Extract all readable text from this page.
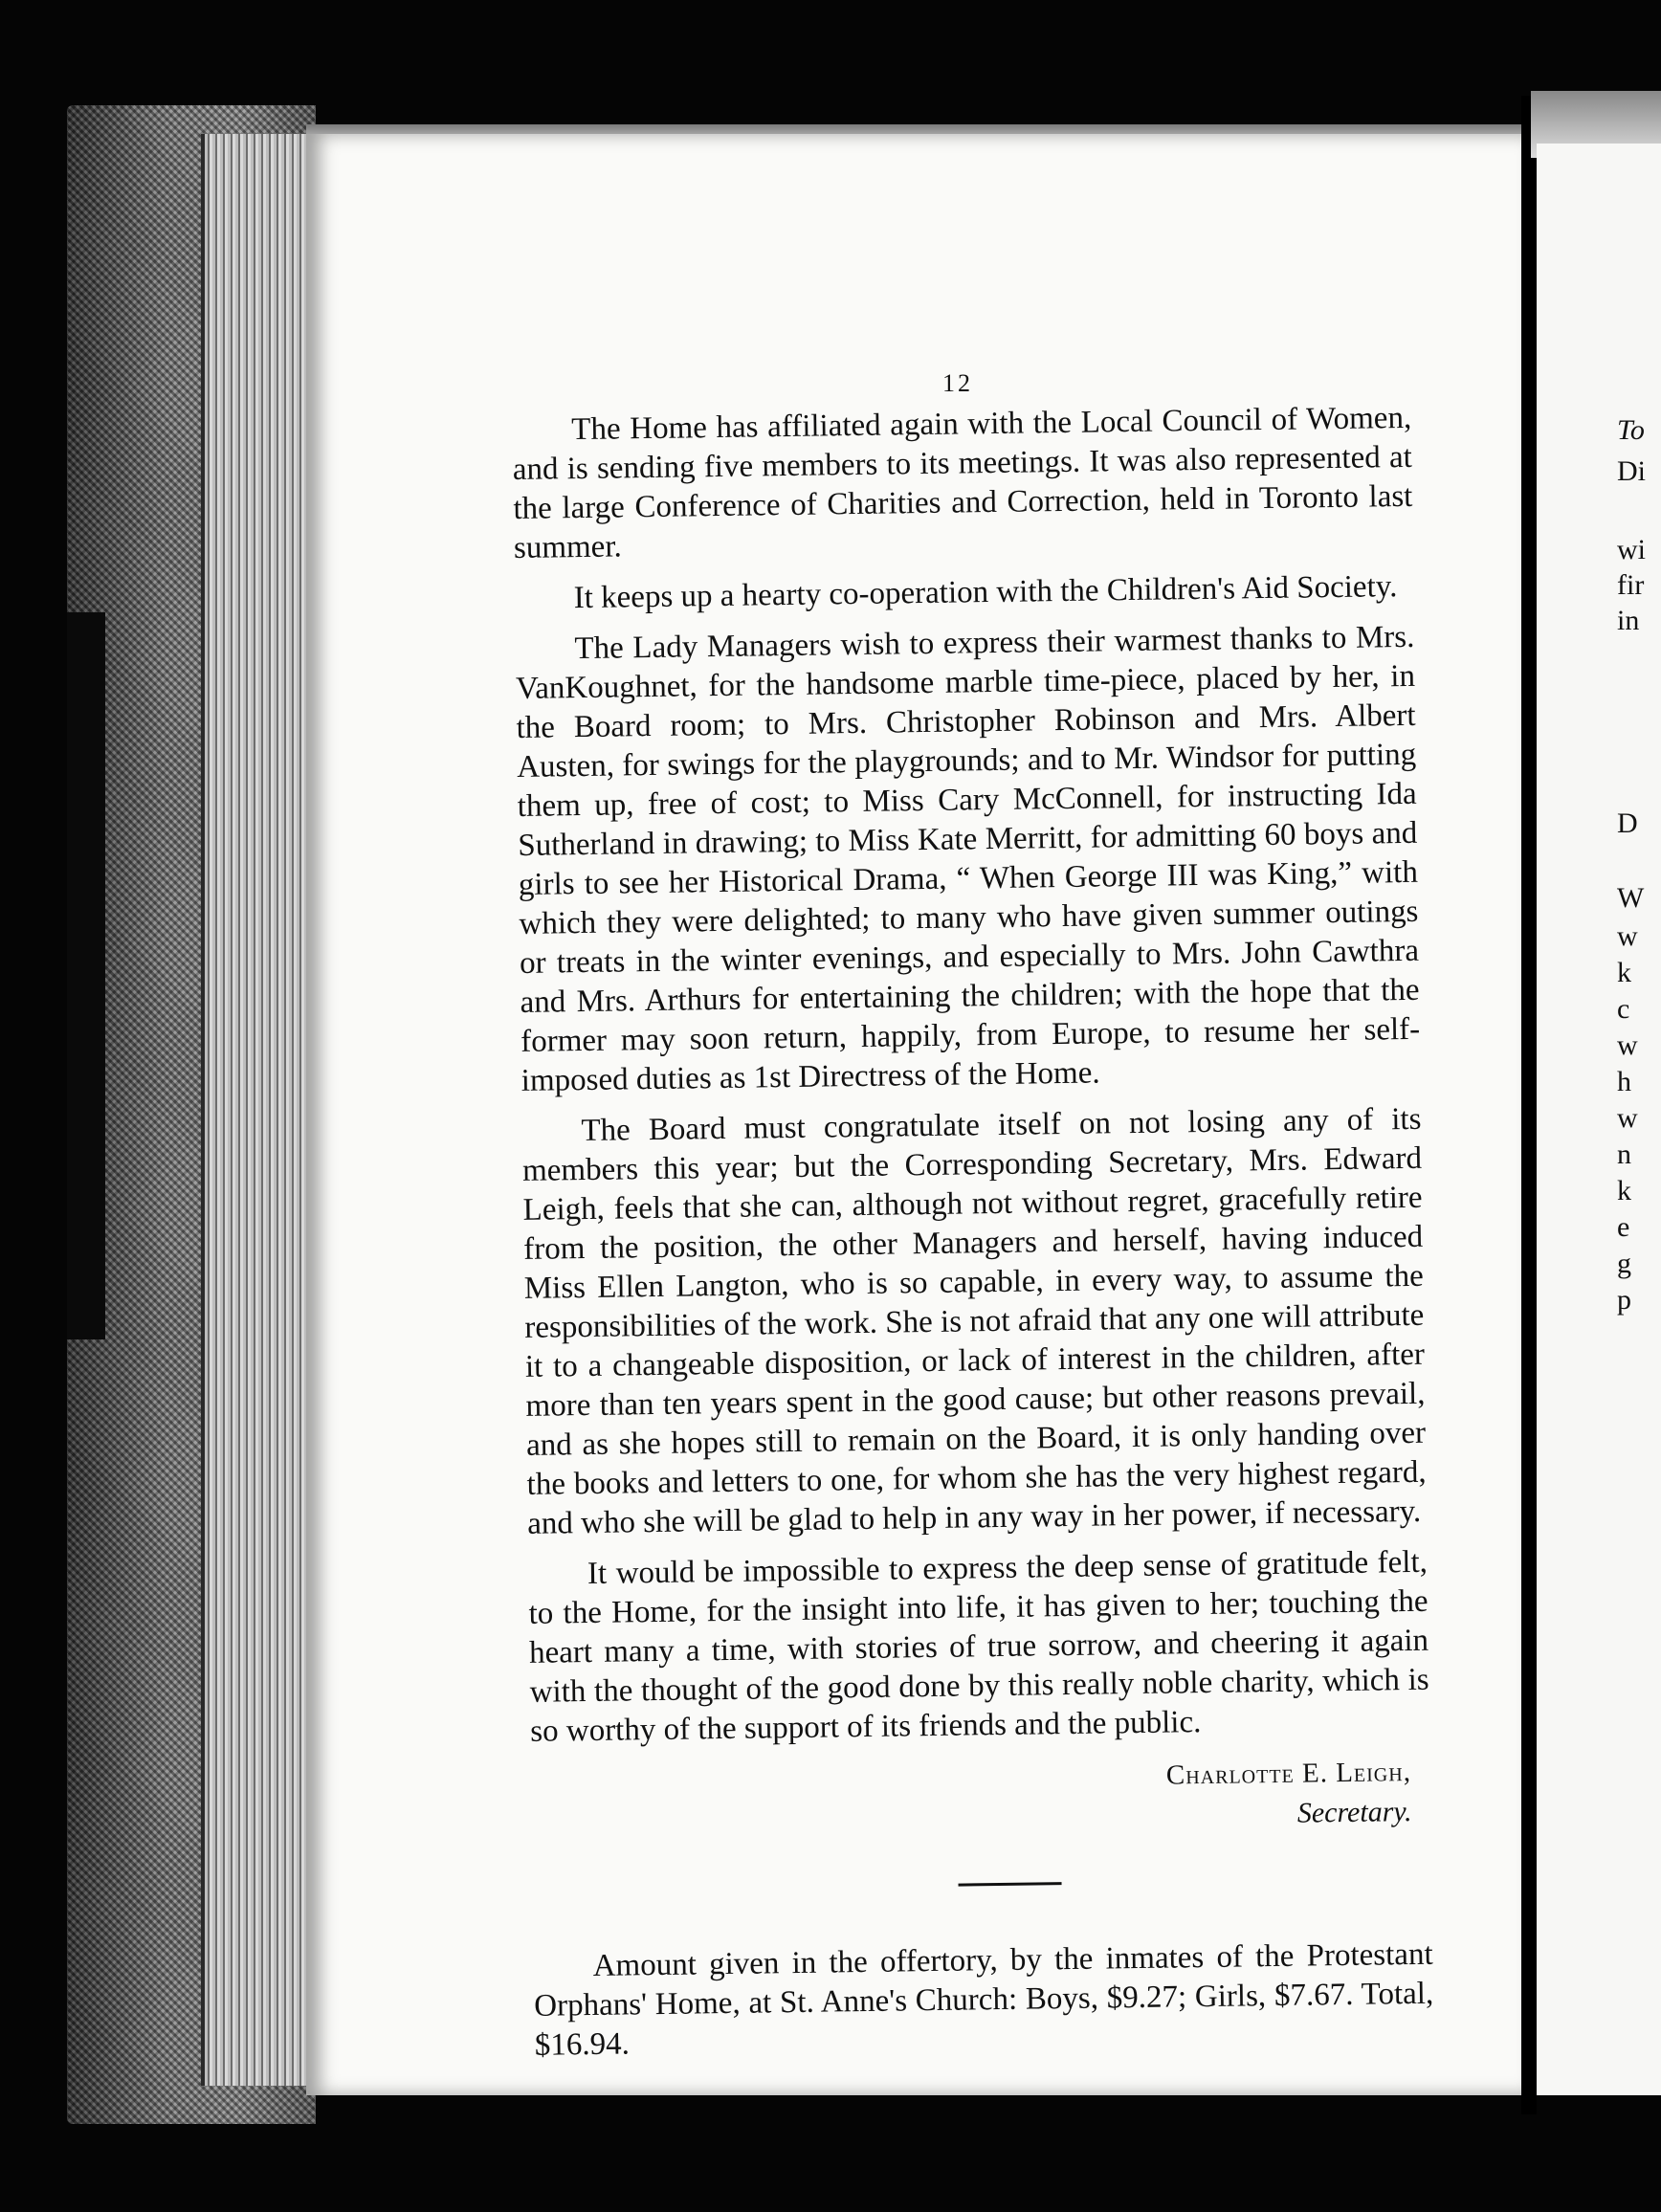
To
Di
wi
fir
in
D
W
w
k
c
w
h
w
n
k
e
g
p
12

The Home has affiliated again with the Local Council of Women, and is sending five members to its meetings. It was also represented at the large Conference of Charities and Correction, held in Toronto last summer.

It keeps up a hearty co-operation with the Children's Aid Society.

The Lady Managers wish to express their warmest thanks to Mrs. VanKoughnet, for the handsome marble time-piece, placed by her, in the Board room; to Mrs. Christopher Robinson and Mrs. Albert Austen, for swings for the playgrounds; and to Mr. Windsor for putting them up, free of cost; to Miss Cary McConnell, for instructing Ida Sutherland in drawing; to Miss Kate Merritt, for admitting 60 boys and girls to see her Historical Drama, “ When George III was King,” with which they were delighted; to many who have given summer outings or treats in the winter evenings, and especially to Mrs. John Cawthra and Mrs. Arthurs for entertaining the children; with the hope that the former may soon return, happily, from Europe, to resume her self-imposed duties as 1st Directress of the Home.

The Board must congratulate itself on not losing any of its members this year; but the Corresponding Secretary, Mrs. Edward Leigh, feels that she can, although not without regret, gracefully retire from the position, the other Managers and herself, having induced Miss Ellen Langton, who is so capable, in every way, to assume the responsibilities of the work. She is not afraid that any one will attribute it to a changeable disposition, or lack of interest in the children, after more than ten years spent in the good cause; but other reasons prevail, and as she hopes still to remain on the Board, it is only handing over the books and letters to one, for whom she has the very highest regard, and who she will be glad to help in any way in her power, if necessary.

It would be impossible to express the deep sense of gratitude felt, to the Home, for the insight into life, it has given to her; touching the heart many a time, with stories of true sorrow, and cheering it again with the thought of the good done by this really noble charity, which is so worthy of the support of its friends and the public.

Charlotte E. Leigh,
Secretary.

Amount given in the offertory, by the inmates of the Protestant Orphans' Home, at St. Anne's Church: Boys, $9.27; Girls, $7.67. Total, $16.94.
